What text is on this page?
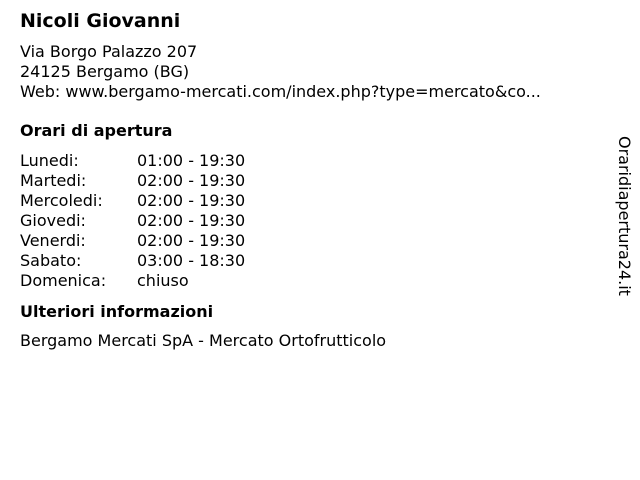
Nicoli Giovanni
Via Borgo Palazzo 207
24125 Bergamo (BG)
Web: www.bergamo-mercati.com/index.php?type=mercato&co...
Orari di apertura
Lunedi:	01:00 - 19:30
Martedi:	02:00 - 19:30
Mercoledi:	02:00 - 19:30
Giovedi:	02:00 - 19:30
Venerdi:	02:00 - 19:30
Sabato:	03:00 - 18:30
Domenica:	chiuso
Ulteriori informazioni
Bergamo Mercati SpA - Mercato Ortofrutticolo
Oraridiapertura24.it
